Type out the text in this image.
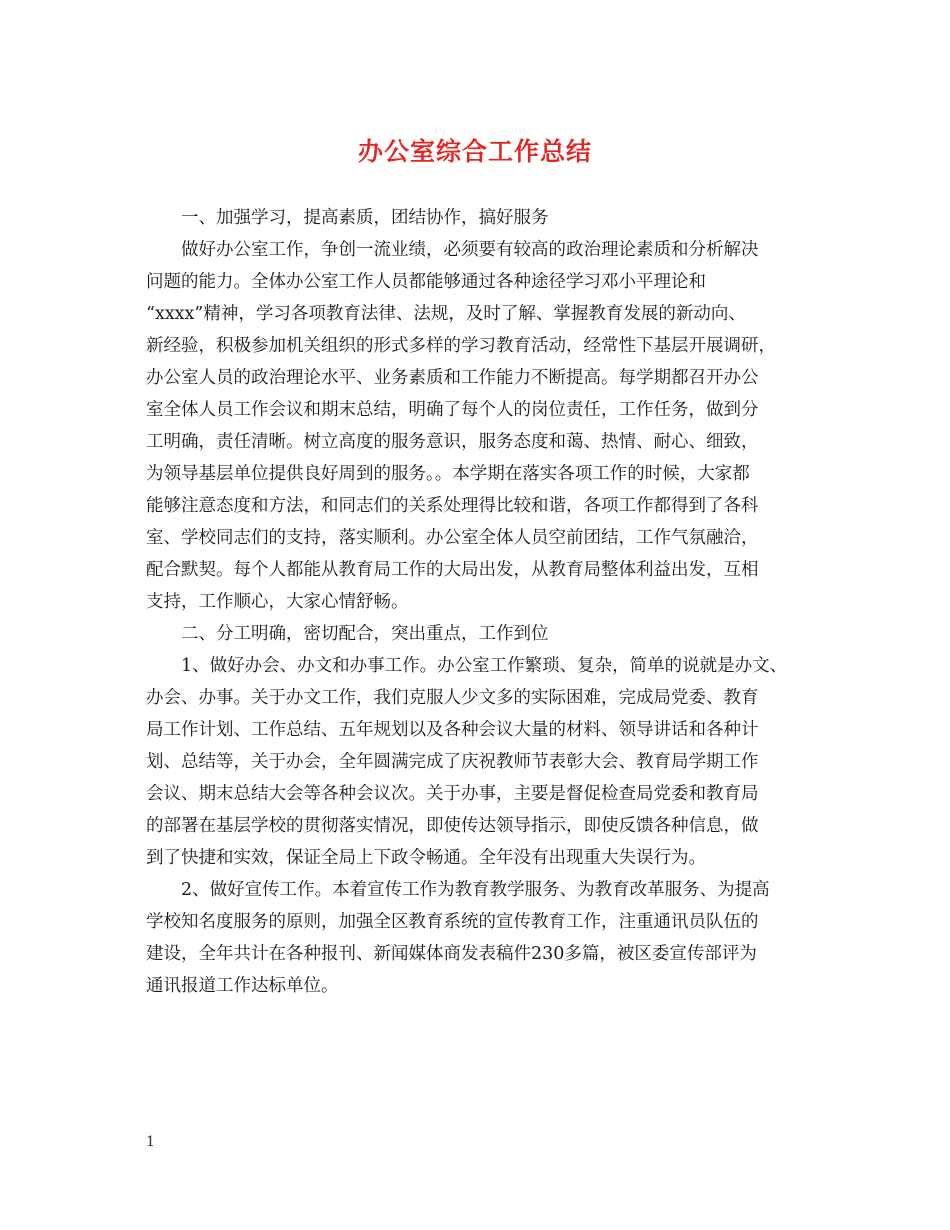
办公室综合工作总结
一、加强学习，提高素质，团结协作，搞好服务
做好办公室工作，争创一流业绩，必须要有较高的政治理论素质和分析解决
问题的能力。全体办公室工作人员都能够通过各种途径学习邓小平理论和
“xxxx”精神，学习各项教育法律、法规，及时了解、掌握教育发展的新动向、
新经验，积极参加机关组织的形式多样的学习教育活动，经常性下基层开展调研，
办公室人员的政治理论水平、业务素质和工作能力不断提高。每学期都召开办公
室全体人员工作会议和期末总结，明确了每个人的岗位责任，工作任务，做到分
工明确，责任清晰。树立高度的服务意识，服务态度和蔼、热情、耐心、细致，
为领导基层单位提供良好周到的服务。。本学期在落实各项工作的时候，大家都
能够注意态度和方法，和同志们的关系处理得比较和谐，各项工作都得到了各科
室、学校同志们的支持，落实顺利。办公室全体人员空前团结，工作气氛融洽，
配合默契。每个人都能从教育局工作的大局出发，从教育局整体利益出发，互相
支持，工作顺心，大家心情舒畅。
二、分工明确，密切配合，突出重点，工作到位
1、做好办会、办文和办事工作。办公室工作繁琐、复杂，简单的说就是办文、
办会、办事。关于办文工作，我们克服人少文多的实际困难，完成局党委、教育
局工作计划、工作总结、五年规划以及各种会议大量的材料、领导讲话和各种计
划、总结等，关于办会，全年圆满完成了庆祝教师节表彰大会、教育局学期工作
会议、期末总结大会等各种会议次。关于办事，主要是督促检查局党委和教育局
的部署在基层学校的贯彻落实情况，即使传达领导指示，即使反馈各种信息，做
到了快捷和实效，保证全局上下政令畅通。全年没有出现重大失误行为。
2、做好宣传工作。本着宣传工作为教育教学服务、为教育改革服务、为提高
学校知名度服务的原则，加强全区教育系统的宣传教育工作，注重通讯员队伍的
建设，全年共计在各种报刊、新闻媒体商发表稿件230多篇，被区委宣传部评为
通讯报道工作达标单位。
1
